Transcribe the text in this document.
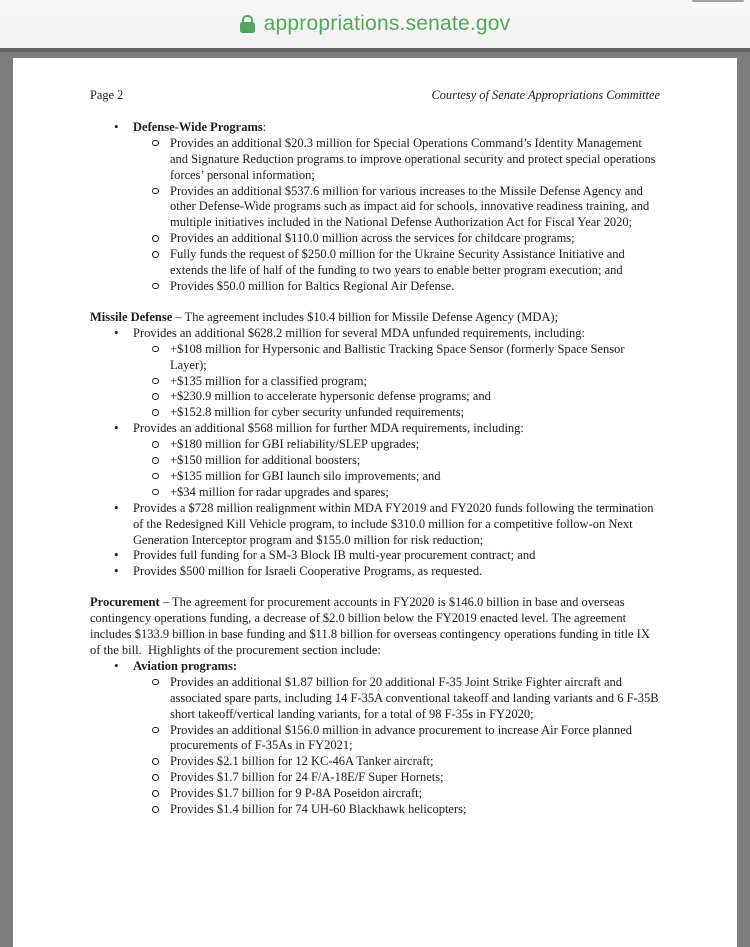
appropriations.senate.gov
Page 2	Courtesy of Senate Appropriations Committee
• Defense-Wide Programs:
Provides an additional $20.3 million for Special Operations Command’s Identity Management and Signature Reduction programs to improve operational security and protect special operations forces’ personal information;
Provides an additional $537.6 million for various increases to the Missile Defense Agency and other Defense-Wide programs such as impact aid for schools, innovative readiness training, and multiple initiatives included in the National Defense Authorization Act for Fiscal Year 2020;
Provides an additional $110.0 million across the services for childcare programs;
Fully funds the request of $250.0 million for the Ukraine Security Assistance Initiative and extends the life of half of the funding to two years to enable better program execution; and
Provides $50.0 million for Baltics Regional Air Defense.
Missile Defense – The agreement includes $10.4 billion for Missile Defense Agency (MDA);
• Provides an additional $628.2 million for several MDA unfunded requirements, including:
+$108 million for Hypersonic and Ballistic Tracking Space Sensor (formerly Space Sensor Layer);
+$135 million for a classified program;
+$230.9 million to accelerate hypersonic defense programs; and
+$152.8 million for cyber security unfunded requirements;
• Provides an additional $568 million for further MDA requirements, including:
+$180 million for GBI reliability/SLEP upgrades;
+$150 million for additional boosters;
+$135 million for GBI launch silo improvements; and
+$34 million for radar upgrades and spares;
• Provides a $728 million realignment within MDA FY2019 and FY2020 funds following the termination of the Redesigned Kill Vehicle program, to include $310.0 million for a competitive follow-on Next Generation Interceptor program and $155.0 million for risk reduction;
• Provides full funding for a SM-3 Block IB multi-year procurement contract; and
• Provides $500 million for Israeli Cooperative Programs, as requested.
Procurement – The agreement for procurement accounts in FY2020 is $146.0 billion in base and overseas contingency operations funding, a decrease of $2.0 billion below the FY2019 enacted level. The agreement includes $133.9 billion in base funding and $11.8 billion for overseas contingency operations funding in title IX of the bill.  Highlights of the procurement section include:
• Aviation programs:
Provides an additional $1.87 billion for 20 additional F-35 Joint Strike Fighter aircraft and associated spare parts, including 14 F-35A conventional takeoff and landing variants and 6 F-35B short takeoff/vertical landing variants, for a total of 98 F-35s in FY2020;
Provides an additional $156.0 million in advance procurement to increase Air Force planned procurements of F-35As in FY2021;
Provides $2.1 billion for 12 KC-46A Tanker aircraft;
Provides $1.7 billion for 24 F/A-18E/F Super Hornets;
Provides $1.7 billion for 9 P-8A Poseidon aircraft;
Provides $1.4 billion for 74 UH-60 Blackhawk helicopters;
